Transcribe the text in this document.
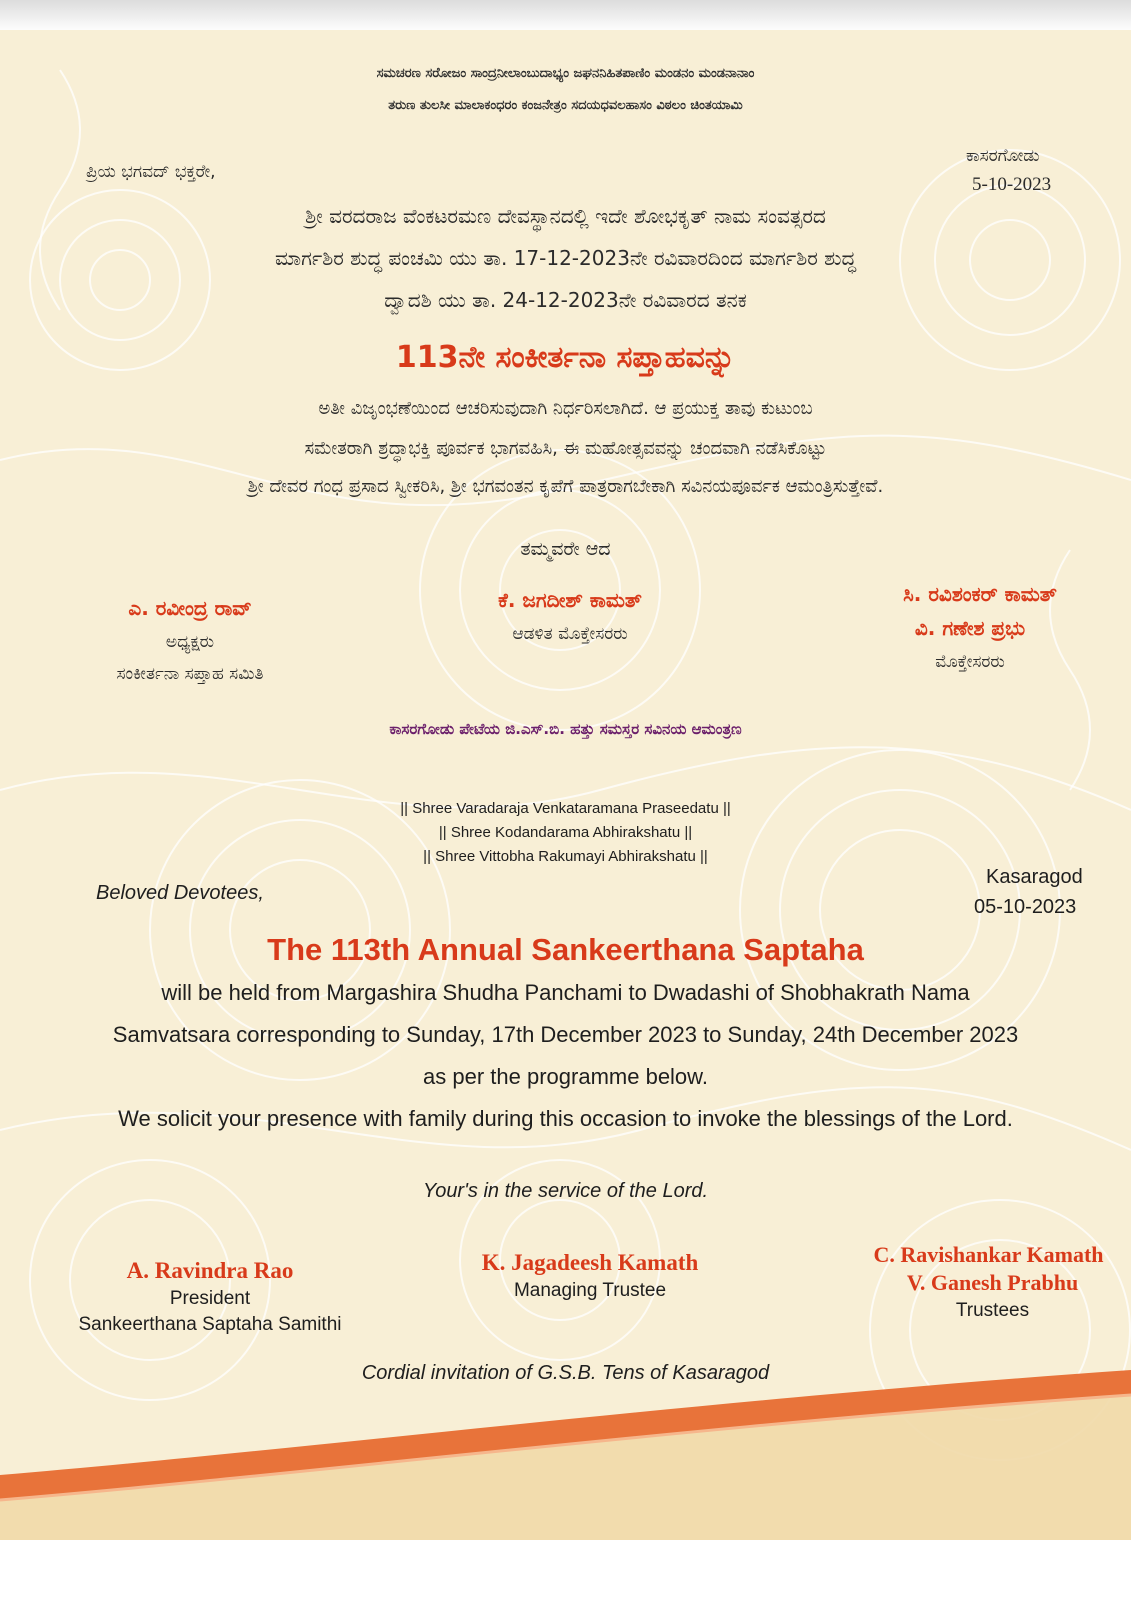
ಸಮಚರಣ ಸರೋಜಂ ಸಾಂದ್ರನೀಲಾಂಬುದಾಭ್ಯಂ ಜಘನನಿಹಿತಪಾಣಿಂ ಮಂಡನಂ ಮಂಡನಾನಾಂ

ತರುಣ ತುಲಸೀ ಮಾಲಾಕಂಧರಂ ಕಂಜನೇತ್ರಂ ಸದಯಧವಲಹಾಸಂ ವಿಠಲಂ ಚಿಂತಯಾಮಿ

ಪ್ರಿಯ ಭಗವದ್ ಭಕ್ತರೇ,

ಕಾಸರಗೋಡು

5-10-2023

ಶ್ರೀ ವರದರಾಜ ವೆಂಕಟರಮಣ ದೇವಸ್ಥಾನದಲ್ಲಿ ಇದೇ ಶೋಭಕೃತ್ ನಾಮ ಸಂವತ್ಸರದ

ಮಾರ್ಗಶಿರ ಶುದ್ಧ ಪಂಚಮಿ ಯು ತಾ. 17-12-2023ನೇ ರವಿವಾರದಿಂದ ಮಾರ್ಗಶಿರ ಶುದ್ಧ

ದ್ವಾದಶಿ ಯು ತಾ. 24-12-2023ನೇ ರವಿವಾರದ ತನಕ

113ನೇ ಸಂಕೀರ್ತನಾ ಸಪ್ತಾಹವನ್ನು

ಅತೀ ವಿಜೃಂಭಣೆಯಿಂದ ಆಚರಿಸುವುದಾಗಿ ನಿರ್ಧರಿಸಲಾಗಿದೆ. ಆ ಪ್ರಯುಕ್ತ ತಾವು ಕುಟುಂಬ

ಸಮೇತರಾಗಿ ಶ್ರದ್ಧಾಭಕ್ತಿ ಪೂರ್ವಕ ಭಾಗವಹಿಸಿ, ಈ ಮಹೋತ್ಸವವನ್ನು ಚಂದವಾಗಿ ನಡೆಸಿಕೊಟ್ಟು

ಶ್ರೀ ದೇವರ ಗಂಧ ಪ್ರಸಾದ ಸ್ವೀಕರಿಸಿ, ಶ್ರೀ ಭಗವಂತನ ಕೃಪೆಗೆ ಪಾತ್ರರಾಗಬೇಕಾಗಿ ಸವಿನಯಪೂರ್ವಕ ಆಮಂತ್ರಿಸುತ್ತೇವೆ.

ತಮ್ಮವರೇ ಆದ

ಎ. ರವೀಂದ್ರ ರಾವ್

ಅಧ್ಯಕ್ಷರು

ಸಂಕೀರ್ತನಾ ಸಪ್ತಾಹ ಸಮಿತಿ

ಕೆ. ಜಗದೀಶ್ ಕಾಮತ್

ಆಡಳಿತ ಮೊಕ್ತೇಸರರು

ಸಿ. ರವಿಶಂಕರ್ ಕಾಮತ್

ವಿ. ಗಣೇಶ ಪ್ರಭು

ಮೊಕ್ತೇಸರರು

ಕಾಸರಗೋಡು ಪೇಟೆಯ ಜಿ.ಎಸ್.ಬಿ. ಹತ್ತು ಸಮಸ್ತರ ಸವಿನಯ ಆಮಂತ್ರಣ

|| Shree Varadaraja Venkataramana Praseedatu ||

|| Shree Kodandarama Abhirakshatu ||

|| Shree Vittobha Rakumayi Abhirakshatu ||

Beloved Devotees,

Kasaragod

05-10-2023

The 113th Annual Sankeerthana Saptaha

will be held from Margashira Shudha Panchami to Dwadashi of Shobhakrath Nama

Samvatsara corresponding to Sunday, 17th December 2023 to Sunday, 24th December 2023

as per the programme below.

We solicit your presence with family during this occasion to invoke the blessings of the Lord.

Your's in the service of the Lord.

A. Ravindra Rao

President

Sankeerthana Saptaha Samithi

K. Jagadeesh Kamath

Managing Trustee

C. Ravishankar Kamath

V. Ganesh Prabhu

Trustees

Cordial invitation of G.S.B. Tens of Kasaragod
